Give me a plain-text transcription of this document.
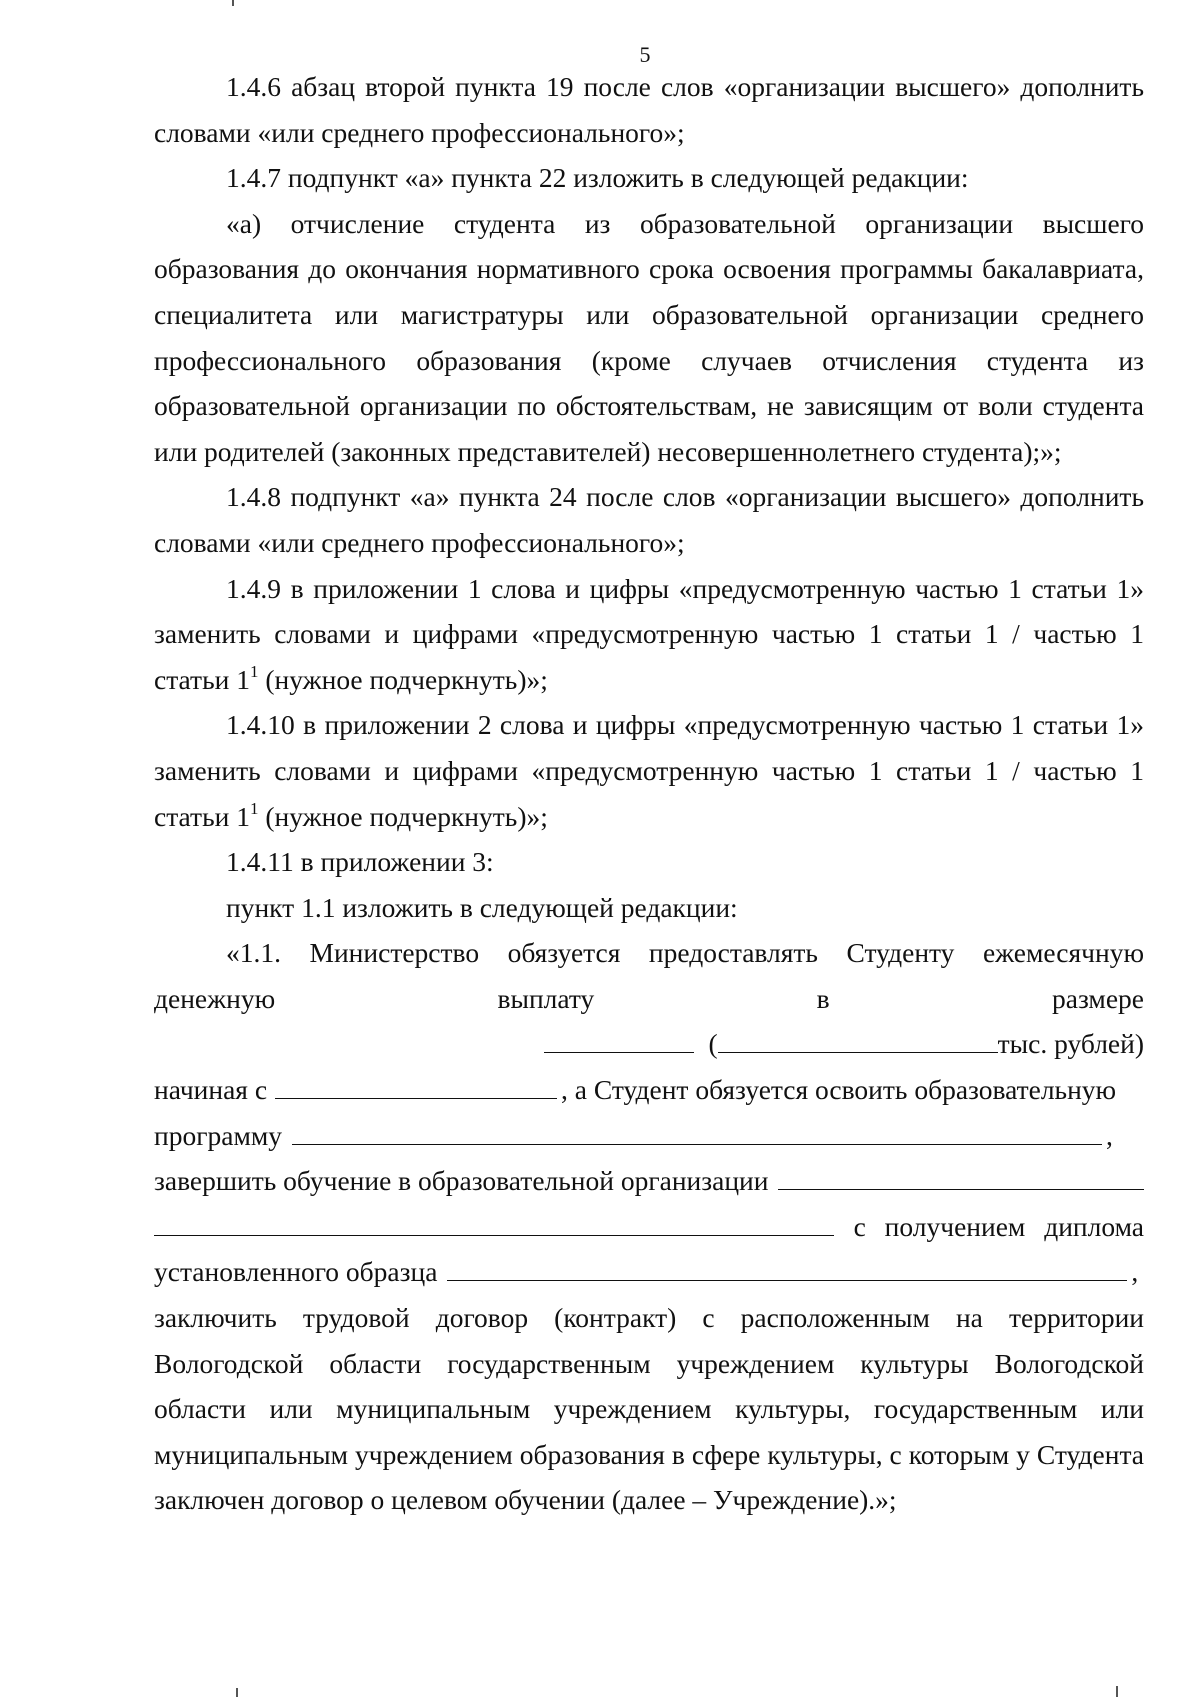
5

1.4.6 абзац второй пункта 19 после слов «организации высшего» дополнить словами «или среднего профессионального»;

1.4.7 подпункт «а» пункта 22 изложить в следующей редакции:

«а) отчисление студента из образовательной организации высшего образования до окончания нормативного срока освоения программы бакалавриата, специалитета или магистратуры или образовательной организации среднего профессионального образования (кроме случаев отчисления студента из образовательной организации по обстоятельствам, не зависящим от воли студента или родителей (законных представителей) несовершеннолетнего студента);»;

1.4.8 подпункт «а» пункта 24 после слов «организации высшего» дополнить словами «или среднего профессионального»;

1.4.9 в приложении 1 слова и цифры «предусмотренную частью 1 статьи 1» заменить словами и цифрами «предусмотренную частью 1 статьи 1 / частью 1 статьи $1^1$ (нужное подчеркнуть)»;

1.4.10 в приложении 2 слова и цифры «предусмотренную частью 1 статьи 1» заменить словами и цифрами «предусмотренную частью 1 статьи 1 / частью 1 статьи $1^1$ (нужное подчеркнуть)»;

1.4.11 в приложении 3:

пункт 1.1 изложить в следующей редакции:

«1.1. Министерство обязуется предоставлять Студенту ежемесячную денежную выплату в размере
(	тыс. рублей)
начиная с	, а Студент обязуется освоить образовательную
программу	,
завершить обучение в образовательной организации
с получением диплома
установленного образца	,

заключить трудовой договор (контракт) с расположенным на территории Вологодской области государственным учреждением культуры Вологодской области или муниципальным учреждением культуры, государственным или муниципальным учреждением образования в сфере культуры, с которым у Студента заключен договор о целевом обучении (далее – Учреждение).»;
